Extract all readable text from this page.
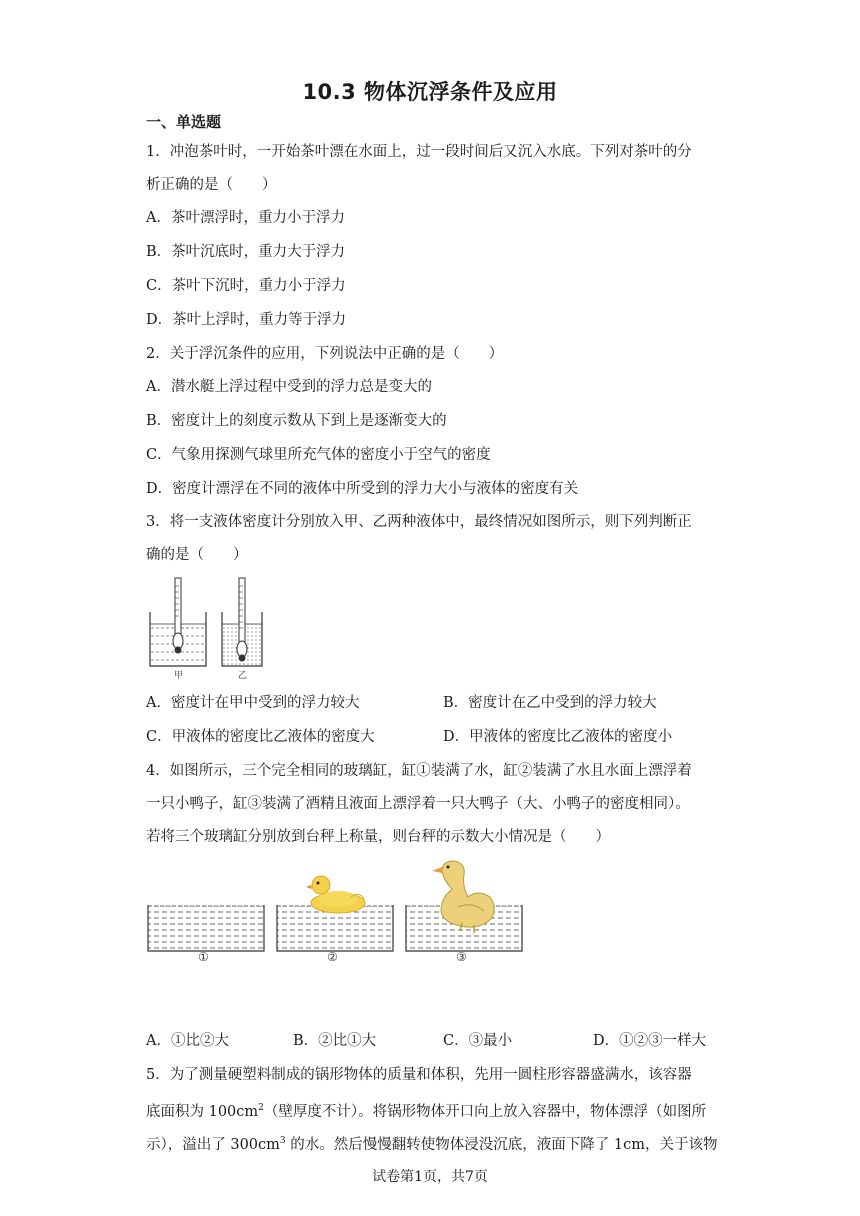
10.3 物体沉浮条件及应用
一、单选题
1．冲泡茶叶时，一开始茶叶漂在水面上，过一段时间后又沉入水底。下列对茶叶的分
析正确的是（　　）
A．茶叶漂浮时，重力小于浮力
B．茶叶沉底时，重力大于浮力
C．茶叶下沉时，重力小于浮力
D．茶叶上浮时，重力等于浮力
2．关于浮沉条件的应用，下列说法中正确的是（　　）
A．潜水艇上浮过程中受到的浮力总是变大的
B．密度计上的刻度示数从下到上是逐渐变大的
C．气象用探测气球里所充气体的密度小于空气的密度
D．密度计漂浮在不同的液体中所受到的浮力大小与液体的密度有关
3．将一支液体密度计分别放入甲、乙两种液体中，最终情况如图所示，则下列判断正
确的是（　　）
甲	乙
A．密度计在甲中受到的浮力较大	B．密度计在乙中受到的浮力较大
C．甲液体的密度比乙液体的密度大	D．甲液体的密度比乙液体的密度小
4．如图所示，三个完全相同的玻璃缸，缸①装满了水，缸②装满了水且水面上漂浮着
一只小鸭子，缸③装满了酒精且液面上漂浮着一只大鸭子（大、小鸭子的密度相同）。
若将三个玻璃缸分别放到台秤上称量，则台秤的示数大小情况是（　　）
①	②	③
A．①比②大	B．②比①大	C．③最小	D．①②③一样大
5．为了测量硬塑料制成的锅形物体的质量和体积，先用一圆柱形容器盛满水，该容器
底面积为 $100cm^2$（壁厚度不计）。将锅形物体开口向上放入容器中，物体漂浮（如图所
示），溢出了 $300cm^3$ 的水。然后慢慢翻转使物体浸没沉底，液面下降了 1cm，关于该物
试卷第1页，共7页
